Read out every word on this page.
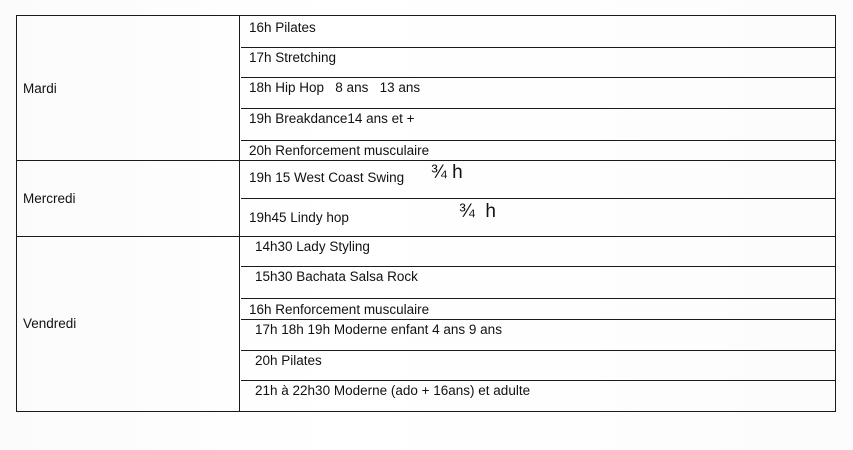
Mardi
16h Pilates
17h Stretching
18h Hip Hop   8 ans   13 ans
19h Breakdance14 ans et +
20h Renforcement musculaire
Mercredi
19h 15 West Coast Swing	¾ h
19h45 Lindy hop	¾  h
Vendredi
14h30 Lady Styling
15h30 Bachata Salsa Rock
16h Renforcement musculaire
17h 18h 19h Moderne enfant 4 ans 9 ans
20h Pilates
21h à 22h30 Moderne (ado + 16ans) et adulte
